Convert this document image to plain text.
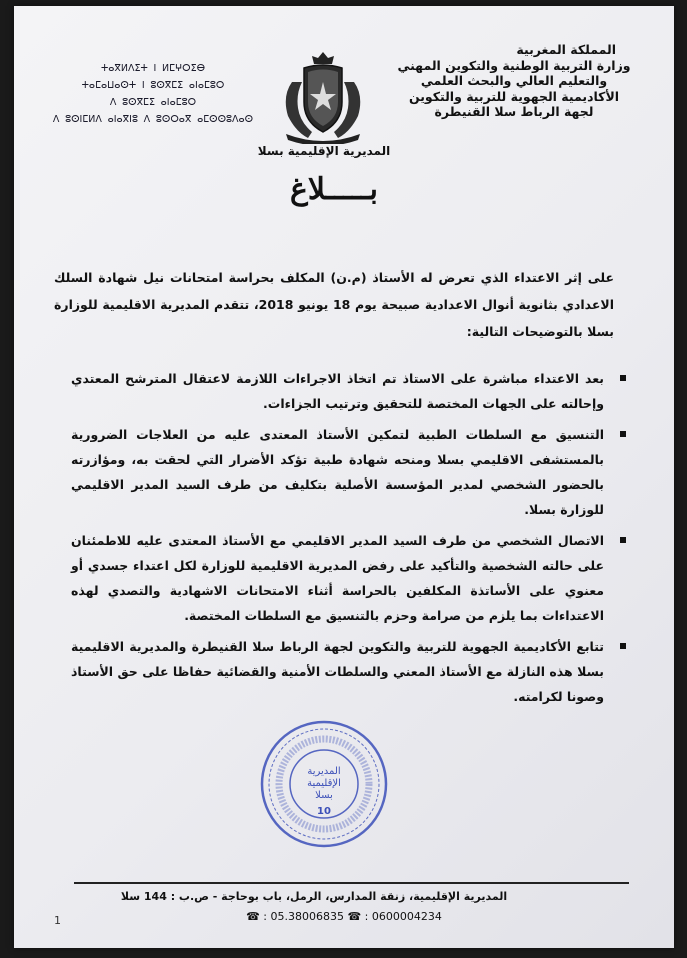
ⵜⴰⴳⵍⴷⵉⵜ ⵏ ⵍⵎⵖⵔⵉⴱ
ⵜⴰⵎⴰⵡⴰⵙⵜ ⵏ ⵓⵙⴳⵎⵉ ⴰⵏⴰⵎⵓⵔ
ⴷ ⵓⵙⴳⵎⵉ ⴰⵏⴰⵎⵓⵔ
ⴷ ⵓⵙⵏⵎⵍⴷ ⴰⵏⴰⴳⵏⵓ ⴷ ⵓⵙⵔⴰⴳ ⴰⵎⵙⵙⵓⴷⴰⵙ
المملكة المغربية
وزارة التربية الوطنية والتكوين المهني
والتعليم العالي والبحث العلمي
الأكاديمية الجهوية للتربية والتكوين
لجهة الرباط سلا القنيطرة
المديرية الإقليمية بسلا
بـــــلاغ
على إثر الاعتداء الذي تعرض له الأستاذ (م.ن) المكلف بحراسة امتحانات نيل شهادة السلك الاعدادي بثانوية أنوال الاعدادية صبيحة يوم 18 يونيو 2018، تتقدم المديرية الاقليمية للوزارة بسلا بالتوضيحات التالية:
بعد الاعتداء مباشرة على الاستاذ تم اتخاذ الاجراءات اللازمة لاعتقال المترشح المعتدي وإحالته على الجهات المختصة للتحقيق وترتيب الجزاءات.
التنسيق مع السلطات الطبية لتمكين الأستاذ المعتدى عليه من العلاجات الضرورية بالمستشفى الاقليمي بسلا ومنحه شهادة طبية تؤكد الأضرار التي لحقت به، ومؤازرته بالحضور الشخصي لمدير المؤسسة الأصلية بتكليف من طرف السيد المدير الاقليمي للوزارة بسلا.
الاتصال الشخصي من طرف السيد المدير الاقليمي مع الأستاذ المعتدى عليه للاطمئنان على حالته الشخصية والتأكيد على رفض المديرية الاقليمية للوزارة لكل اعتداء جسدي أو معنوي على الأساتذة المكلفين بالحراسة أثناء الامتحانات الاشهادية والتصدي لهذه الاعتداءات بما يلزم من صرامة وحزم بالتنسيق مع السلطات المختصة.
تتابع الأكاديمية الجهوية للتربية والتكوين لجهة الرباط سلا القنيطرة والمديرية الاقليمية بسلا هذه النازلة مع الأستاذ المعني والسلطات الأمنية والقضائية حفاظا على حق الأستاذ وصونا لكرامته.
المديرية
الإقليمية
بسلا
10
المديرية الإقليمية، زنقة المدارس، الرمل، باب بوحاجة - ص.ب : 144 سلا
☎ : 05.38006835 ☎ : 0600004234
1
